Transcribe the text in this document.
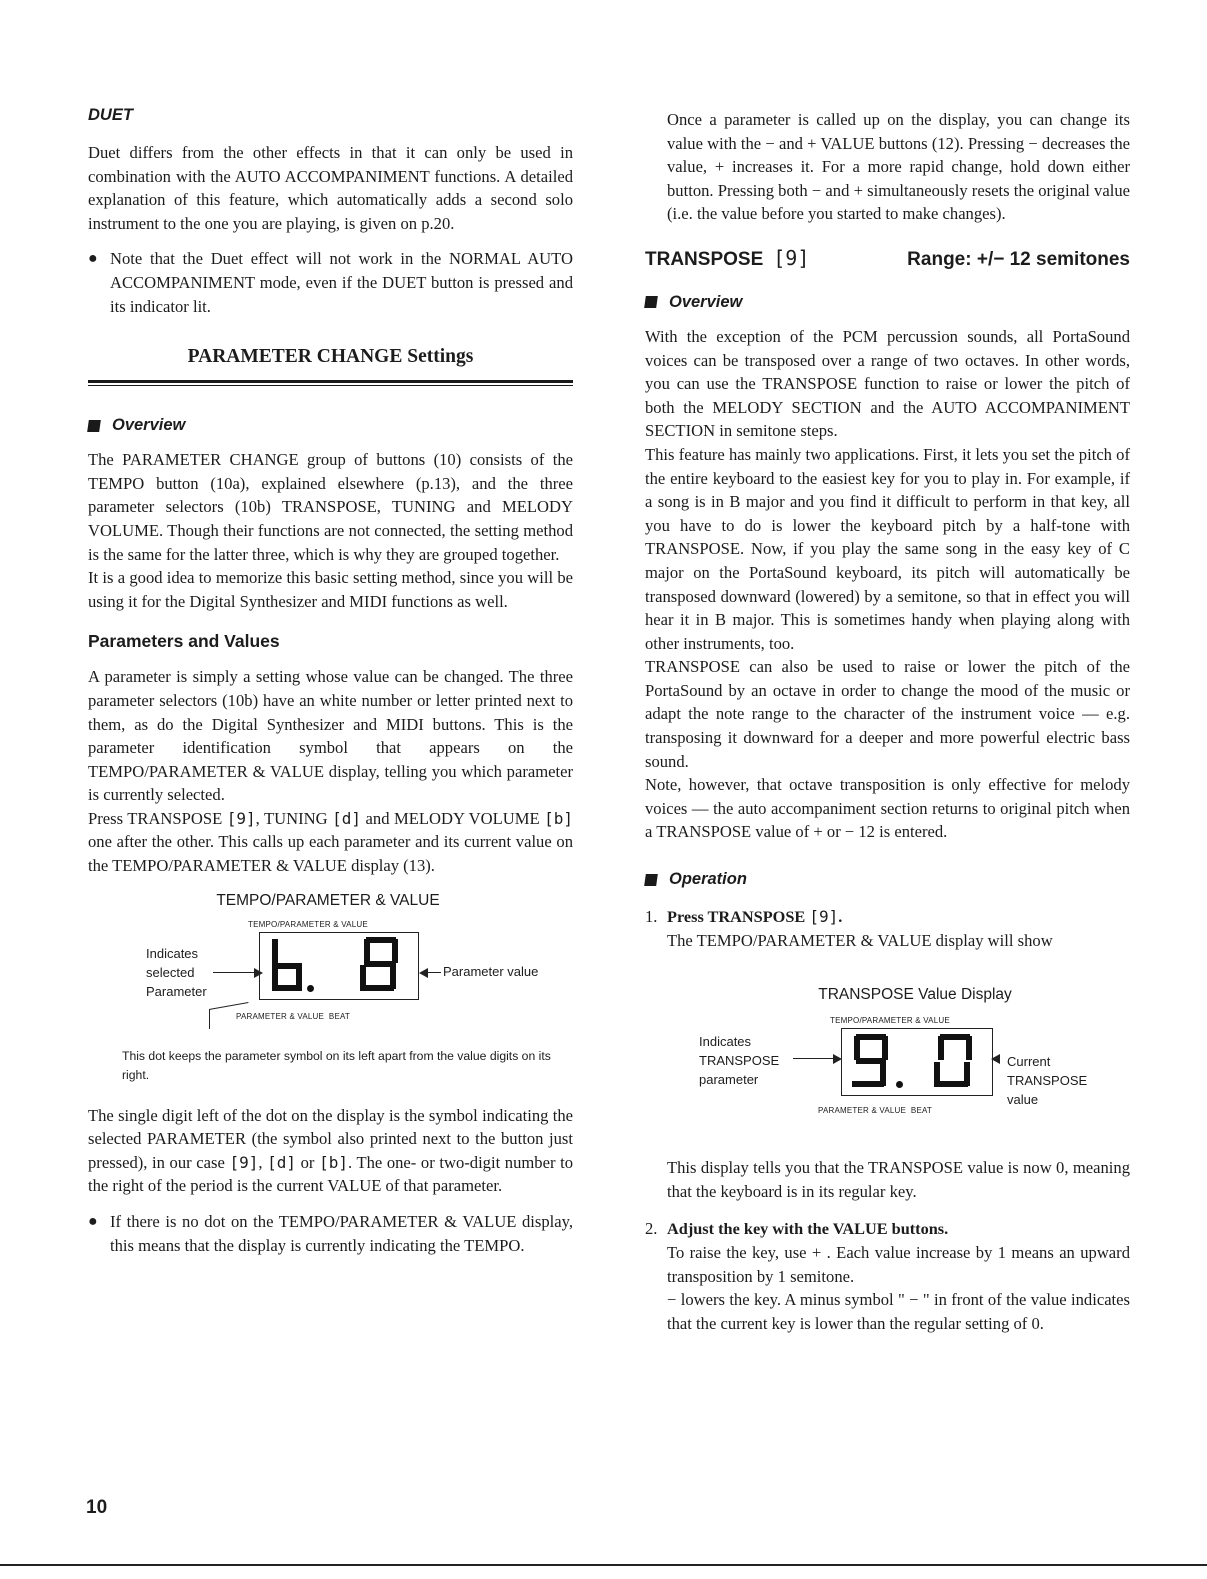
DUET

Duet differs from the other effects in that it can only be used in combination with the AUTO ACCOMPANIMENT functions. A detailed explanation of this feature, which automatically adds a second solo instrument to the one you are playing, is given on p.20.

● Note that the Duet effect will not work in the NORMAL AUTO ACCOMPANIMENT mode, even if the DUET button is pressed and its indicator lit.

PARAMETER CHANGE Settings
Overview

The PARAMETER CHANGE group of buttons (10) consists of the TEMPO button (10a), explained elsewhere (p.13), and the three parameter selectors (10b) TRANSPOSE, TUNING and MELODY VOLUME. Though their functions are not connected, the setting method is the same for the latter three, which is why they are grouped together.

It is a good idea to memorize this basic setting method, since you will be using it for the Digital Synthesizer and MIDI functions as well.

Parameters and Values

A parameter is simply a setting whose value can be changed. The three parameter selectors (10b) have an white number or letter printed next to them, as do the Digital Synthesizer and MIDI buttons. This is the parameter identification symbol that appears on the TEMPO/PARAMETER & VALUE display, telling you which parameter is currently selected.

Press TRANSPOSE [9], TUNING [d] and MELODY VOLUME [b] one after the other. This calls up each parameter and its current value on the TEMPO/PARAMETER & VALUE display (13).

TEMPO/PARAMETER & VALUE
TEMPO/PARAMETER & VALUE
Indicates
selected
Parameter
Parameter value
PARAMETER & VALUE BEAT

This dot keeps the parameter symbol on its left apart from the value digits on its right.

The single digit left of the dot on the display is the symbol indicating the selected PARAMETER (the symbol also printed next to the button just pressed), in our case [9], [d] or [b]. The one- or two-digit number to the right of the period is the current VALUE of that parameter.

● If there is no dot on the TEMPO/PARAMETER & VALUE display, this means that the display is currently indicating the TEMPO.

Once a parameter is called up on the display, you can change its value with the − and + VALUE buttons (12). Pressing − decreases the value, + increases it. For a more rapid change, hold down either button. Pressing both − and + simultaneously resets the original value (i.e. the value before you started to make changes).

TRANSPOSE [9]	Range: +/− 12 semitones
Overview

With the exception of the PCM percussion sounds, all PortaSound voices can be transposed over a range of two octaves. In other words, you can use the TRANSPOSE function to raise or lower the pitch of both the MELODY SECTION and the AUTO ACCOMPANIMENT SECTION in semitone steps.

This feature has mainly two applications. First, it lets you set the pitch of the entire keyboard to the easiest key for you to play in. For example, if a song is in B major and you find it difficult to perform in that key, all you have to do is lower the keyboard pitch by a half-tone with TRANSPOSE. Now, if you play the same song in the easy key of C major on the PortaSound keyboard, its pitch will automatically be transposed downward (lowered) by a semitone, so that in effect you will hear it in B major. This is sometimes handy when playing along with other instruments, too.

TRANSPOSE can also be used to raise or lower the pitch of the PortaSound by an octave in order to change the mood of the music or adapt the note range to the character of the instrument voice — e.g. transposing it downward for a deeper and more powerful electric bass sound.

Note, however, that octave transposition is only effective for melody voices — the auto accompaniment section returns to original pitch when a TRANSPOSE value of + or − 12 is entered.

Operation
1. Press TRANSPOSE [9].

The TEMPO/PARAMETER & VALUE display will show

TRANSPOSE Value Display
TEMPO/PARAMETER & VALUE
Indicates
TRANSPOSE
parameter
Current
TRANSPOSE
value
PARAMETER & VALUE BEAT

This display tells you that the TRANSPOSE value is now 0, meaning that the keyboard is in its regular key.

2. Adjust the key with the VALUE buttons.

To raise the key, use + . Each value increase by 1 means an upward transposition by 1 semitone.

− lowers the key. A minus symbol " − " in front of the value indicates that the current key is lower than the regular setting of 0.

10
